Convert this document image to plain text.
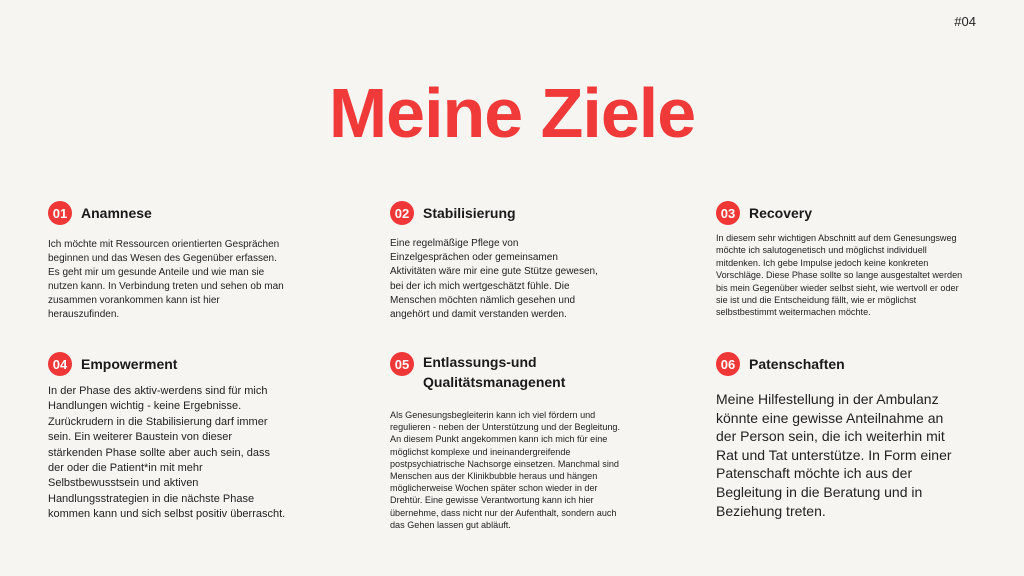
#04
Meine Ziele
01 Anamnese
Ich möchte mit Ressourcen orientierten Gesprächen beginnen und das Wesen des Gegenüber erfassen. Es geht mir um gesunde Anteile und wie man sie nutzen kann. In Verbindung treten und sehen ob man zusammen vorankommen kann ist hier herauszufinden.
02 Stabilisierung
Eine regelmäßige Pflege von Einzelgesprächen oder gemeinsamen Aktivitäten wäre mir eine gute Stütze gewesen, bei der ich mich wertgeschätzt fühle. Die Menschen möchten nämlich gesehen und angehört und damit verstanden werden.
03 Recovery
In diesem sehr wichtigen Abschnitt auf dem Genesungsweg möchte ich salutogenetisch und möglichst individuell mitdenken. Ich gebe Impulse jedoch keine konkreten Vorschläge. Diese Phase sollte so lange ausgestaltet werden bis mein Gegenüber wieder selbst sieht, wie wertvoll er oder sie ist und die Entscheidung fällt, wie er möglichst selbstbestimmt weitermachen möchte.
04 Empowerment
In der Phase des aktiv-werdens sind für mich Handlungen wichtig - keine Ergebnisse. Zurückrudern in die Stabilisierung darf immer sein. Ein weiterer Baustein von dieser stärkenden Phase sollte aber auch sein, dass der oder die Patient*in mit mehr Selbstbewusstsein und aktiven Handlungsstrategien in die nächste Phase kommen kann und sich selbst positiv überrascht.
05 Entlassungs-und Qualitätsmanagenent
Als Genesungsbegleiterin kann ich viel fördern und regulieren - neben der Unterstützung und der Begleitung. An diesem Punkt angekommen kann ich mich für eine möglichst komplexe und ineinandergreifende postpsychiatrische Nachsorge einsetzen. Manchmal sind Menschen aus der Klinikbubble heraus und hängen möglicherweise Wochen später schon wieder in der Drehtür. Eine gewisse Verantwortung kann ich hier übernehme, dass nicht nur der Aufenthalt, sondern auch das Gehen lassen gut abläuft.
06 Patenschaften
Meine Hilfestellung in der Ambulanz könnte eine gewisse Anteilnahme an der Person sein, die ich weiterhin mit Rat und Tat unterstütze. In Form einer Patenschaft möchte ich aus der Begleitung in die Beratung und in Beziehung treten.
